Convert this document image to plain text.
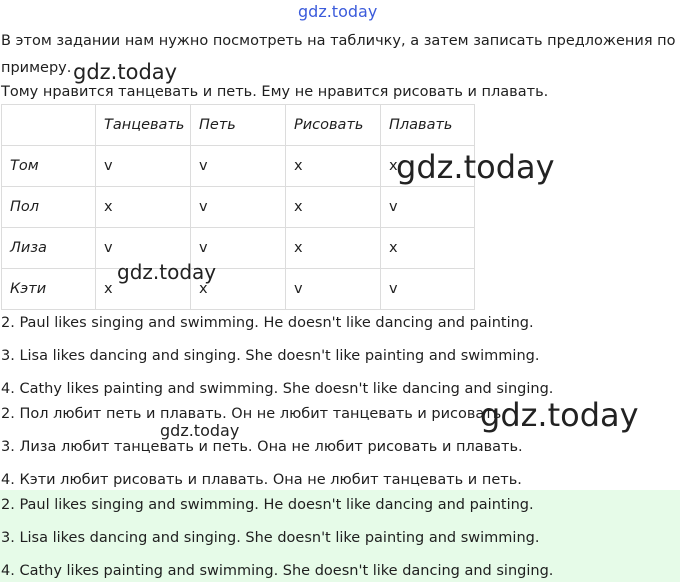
gdz.today
В этом задании нам нужно посмотреть на табличку, а затем записать предложения по
примеру.
Тому нравится танцевать и петь. Ему не нравится рисовать и плавать.
	Танцевать	Петь	Рисовать	Плавать
Том	v	v	x	x
Пол	x	v	x	v
Лиза	v	v	x	x
Кэти	x	x	v	v
2. Paul likes singing and swimming. He doesn't like dancing and painting.
3. Lisa likes dancing and singing. She doesn't like painting and swimming.
4. Cathy likes painting and swimming. She doesn't like dancing and singing.
2. Пол любит петь и плавать. Он не любит танцевать и рисовать.
3. Лиза любит танцевать и петь. Она не любит рисовать и плавать.
4. Кэти любит рисовать и плавать. Она не любит танцевать и петь.
2. Paul likes singing and swimming. He doesn't like dancing and painting.
3. Lisa likes dancing and singing. She doesn't like painting and swimming.
4. Cathy likes painting and swimming. She doesn't like dancing and singing.
gdz.today
gdz.today
gdz.today
gdz.today
gdz.today
